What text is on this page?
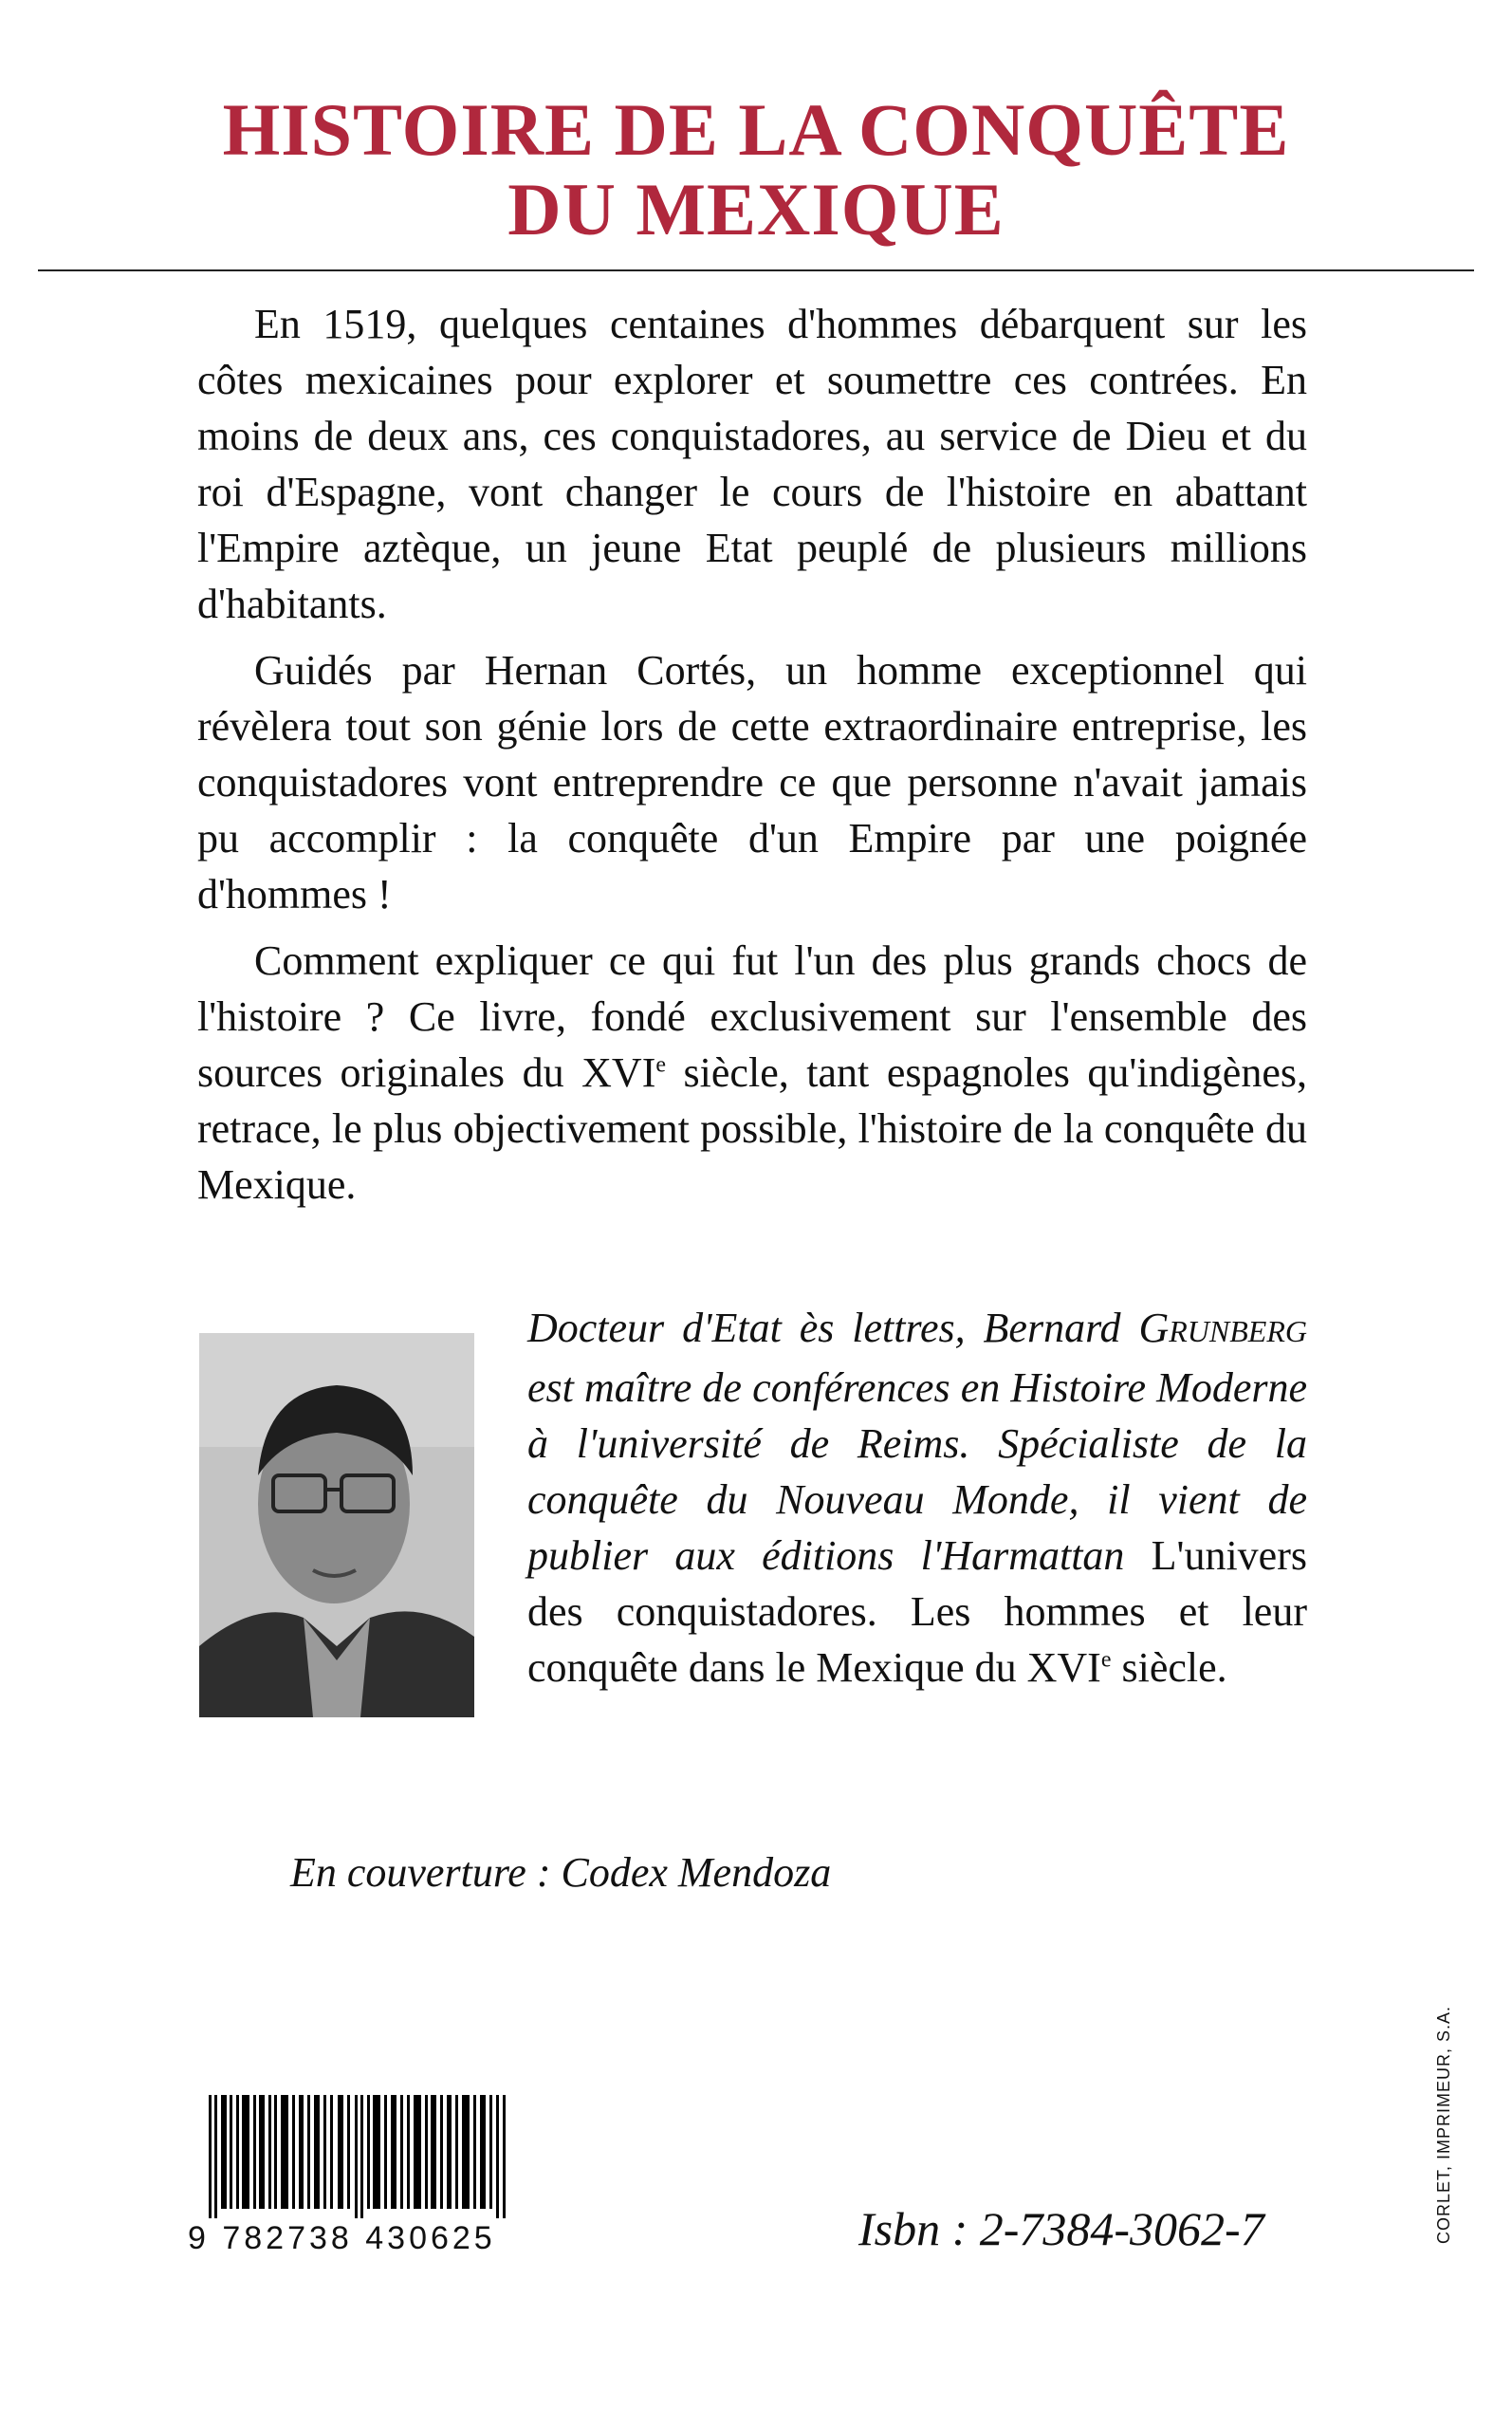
HISTOIRE DE LA CONQUÊTE
DU MEXIQUE

En 1519, quelques centaines d'hommes débarquent sur les côtes mexicaines pour explorer et soumettre ces contrées. En moins de deux ans, ces conquistadores, au service de Dieu et du roi d'Espagne, vont changer le cours de l'histoire en abattant l'Empire aztèque, un jeune Etat peuplé de plusieurs millions d'habitants.

Guidés par Hernan Cortés, un homme exceptionnel qui révèlera tout son génie lors de cette extraordinaire entreprise, les conquistadores vont entreprendre ce que personne n'avait jamais pu accomplir : la conquête d'un Empire par une poignée d'hommes !

Comment expliquer ce qui fut l'un des plus grands chocs de l'histoire ? Ce livre, fondé exclusivement sur l'ensemble des sources originales du XVIe siècle, tant espagnoles qu'indigènes, retrace, le plus objectivement possible, l'histoire de la conquête du Mexique.

Docteur d'Etat ès lettres, Bernard GRUNBERG est maître de conférences en Histoire Moderne à l'université de Reims. Spécialiste de la conquête du Nouveau Monde, il vient de publier aux éditions l'Harmattan L'univers des conquistadores. Les hommes et leur conquête dans le Mexique du XVIe siècle.
En couverture : Codex Mendoza
9 782738 430625	Isbn : 2-7384-3062-7	CORLET, IMPRIMEUR, S.A.
